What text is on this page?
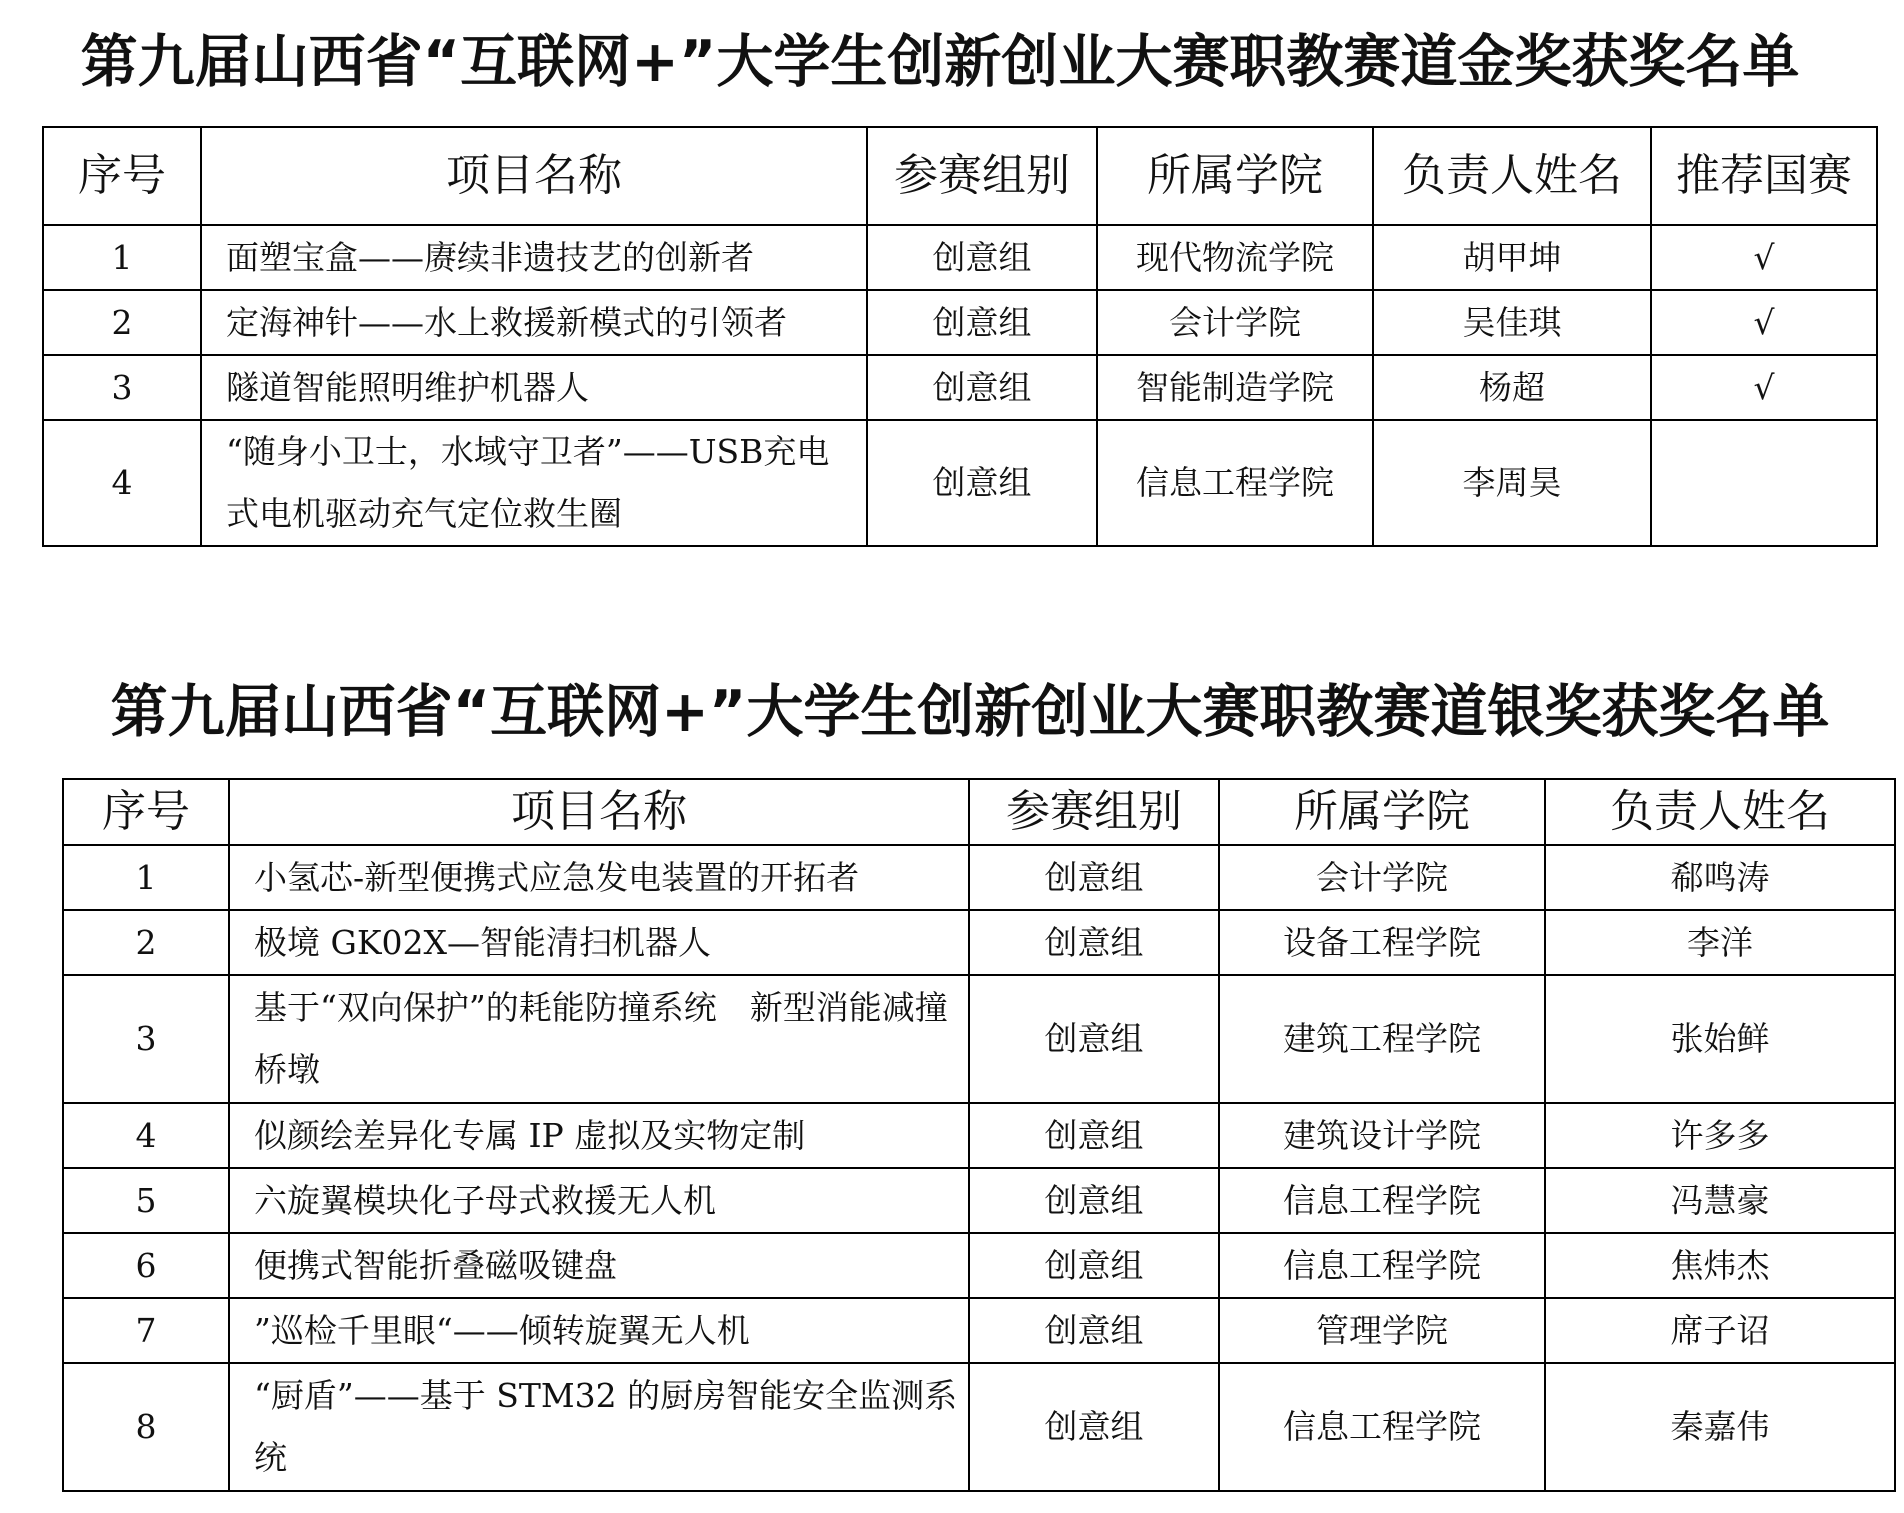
第九届山西省“互联网+”大学生创新创业大赛职教赛道金奖获奖名单
序号	项目名称	参赛组别	所属学院	负责人姓名	推荐国赛
1	面塑宝盒——赓续非遗技艺的创新者	创意组	现代物流学院	胡甲坤	√
2	定海神针——水上救援新模式的引领者	创意组	会计学院	吴佳琪	√
3	隧道智能照明维护机器人	创意组	智能制造学院	杨超	√
4	“随身小卫士，水域守卫者”——USB充电式电机驱动充气定位救生圈	创意组	信息工程学院	李周昊	
第九届山西省“互联网+”大学生创新创业大赛职教赛道银奖获奖名单
序号	项目名称	参赛组别	所属学院	负责人姓名
1	小氢芯-新型便携式应急发电装置的开拓者	创意组	会计学院	郗鸣涛
2	极境 GK02X—智能清扫机器人	创意组	设备工程学院	李洋
3	基于“双向保护”的耗能防撞系统　新型消能减撞桥墩	创意组	建筑工程学院	张始鲜
4	似颜绘差异化专属 IP 虚拟及实物定制	创意组	建筑设计学院	许多多
5	六旋翼模块化子母式救援无人机	创意组	信息工程学院	冯慧豪
6	便携式智能折叠磁吸键盘	创意组	信息工程学院	焦炜杰
7	”巡检千里眼“——倾转旋翼无人机	创意组	管理学院	席子诏
8	“厨盾”——基于 STM32 的厨房智能安全监测系统	创意组	信息工程学院	秦嘉伟
